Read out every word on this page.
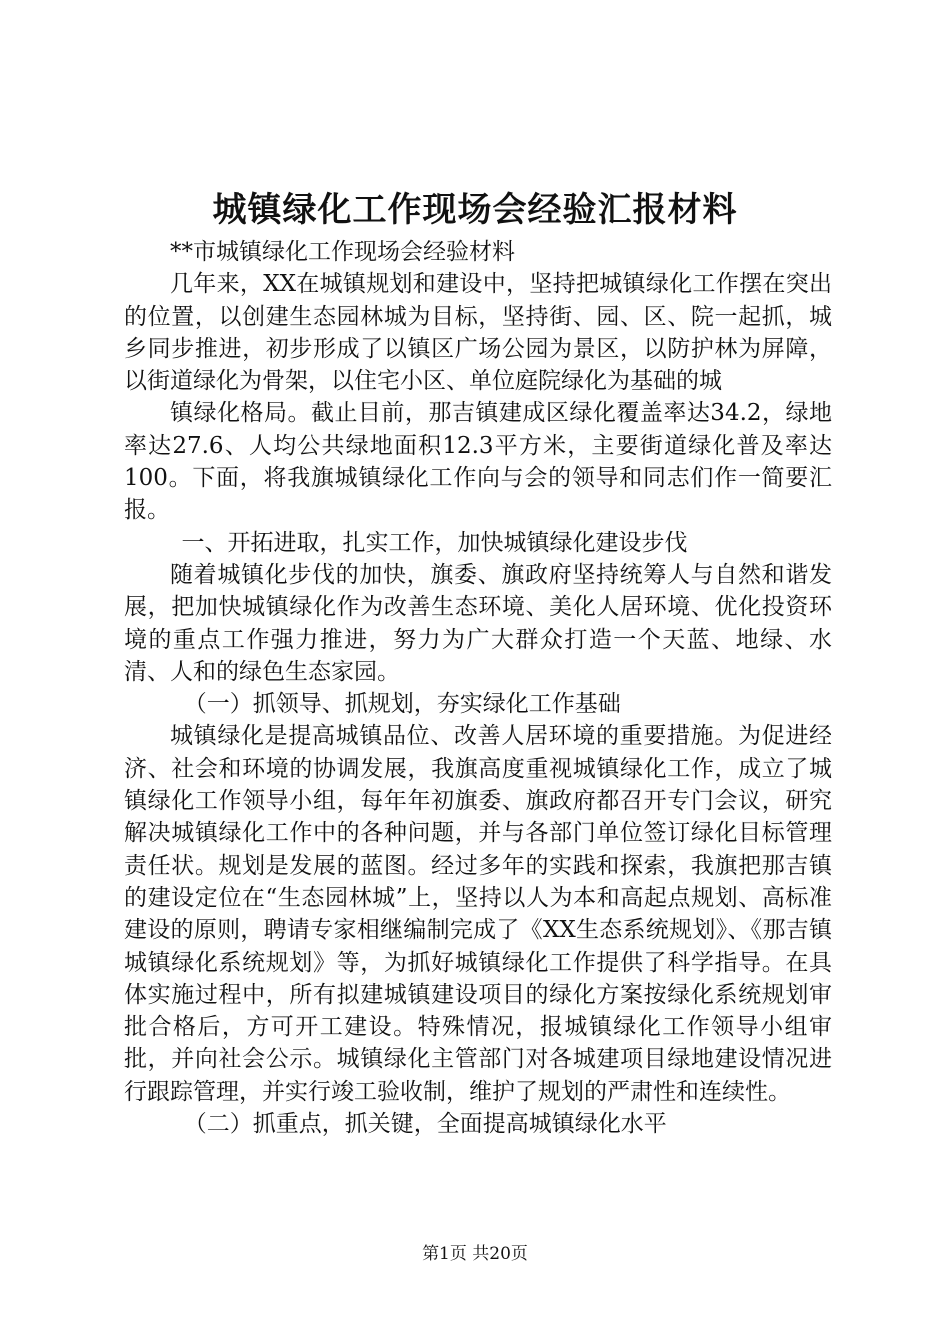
城镇绿化工作现场会经验汇报材料

**市城镇绿化工作现场会经验材料

几年来，XX在城镇规划和建设中，坚持把城镇绿化工作摆在突出的位置，以创建生态园林城为目标，坚持街、园、区、院一起抓，城乡同步推进，初步形成了以镇区广场公园为景区，以防护林为屏障，以街道绿化为骨架，以住宅小区、单位庭院绿化为基础的城

镇绿化格局。截止目前，那吉镇建成区绿化覆盖率达34.2，绿地率达27.6、人均公共绿地面积12.3平方米，主要街道绿化普及率达100。下面，将我旗城镇绿化工作向与会的领导和同志们作一简要汇报。

一、开拓进取，扎实工作，加快城镇绿化建设步伐

随着城镇化步伐的加快，旗委、旗政府坚持统筹人与自然和谐发展，把加快城镇绿化作为改善生态环境、美化人居环境、优化投资环境的重点工作强力推进，努力为广大群众打造一个天蓝、地绿、水清、人和的绿色生态家园。

（一）抓领导、抓规划，夯实绿化工作基础

城镇绿化是提高城镇品位、改善人居环境的重要措施。为促进经济、社会和环境的协调发展，我旗高度重视城镇绿化工作，成立了城镇绿化工作领导小组，每年年初旗委、旗政府都召开专门会议，研究解决城镇绿化工作中的各种问题，并与各部门单位签订绿化目标管理责任状。规划是发展的蓝图。经过多年的实践和探索，我旗把那吉镇的建设定位在“生态园林城”上，坚持以人为本和高起点规划、高标准建设的原则，聘请专家相继编制完成了《XX生态系统规划》、《那吉镇城镇绿化系统规划》等，为抓好城镇绿化工作提供了科学指导。在具体实施过程中，所有拟建城镇建设项目的绿化方案按绿化系统规划审批合格后，方可开工建设。特殊情况，报城镇绿化工作领导小组审批，并向社会公示。城镇绿化主管部门对各城建项目绿地建设情况进行跟踪管理，并实行竣工验收制，维护了规划的严肃性和连续性。

（二）抓重点，抓关键，全面提高城镇绿化水平

第1页 共20页
